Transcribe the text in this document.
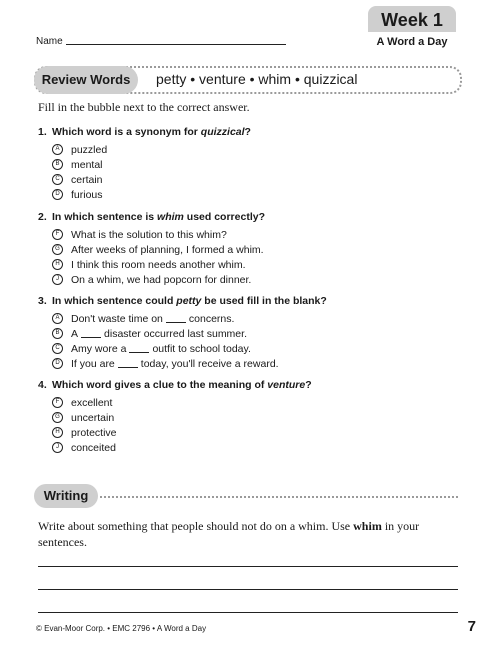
Name
Week 1
A Word a Day
Review Words	petty • venture • whim • quizzical
Fill in the bubble next to the correct answer.
1. Which word is a synonym for quizzical?
A	puzzled
B	mental
C	certain
D	furious
2. In which sentence is whim used correctly?
F	What is the solution to this whim?
G	After weeks of planning, I formed a whim.
H	I think this room needs another whim.
J	On a whim, we had popcorn for dinner.
3. In which sentence could petty be used fill in the blank?
A	Don't waste time on concerns.
B	A disaster occurred last summer.
C	Amy wore a outfit to school today.
D	If you are today, you'll receive a reward.
4. Which word gives a clue to the meaning of venture?
F	excellent
G	uncertain
H	protective
J	conceited
Writing
Write about something that people should not do on a whim. Use whim in your sentences.
© Evan-Moor Corp. • EMC 2796 • A Word a Day	7
